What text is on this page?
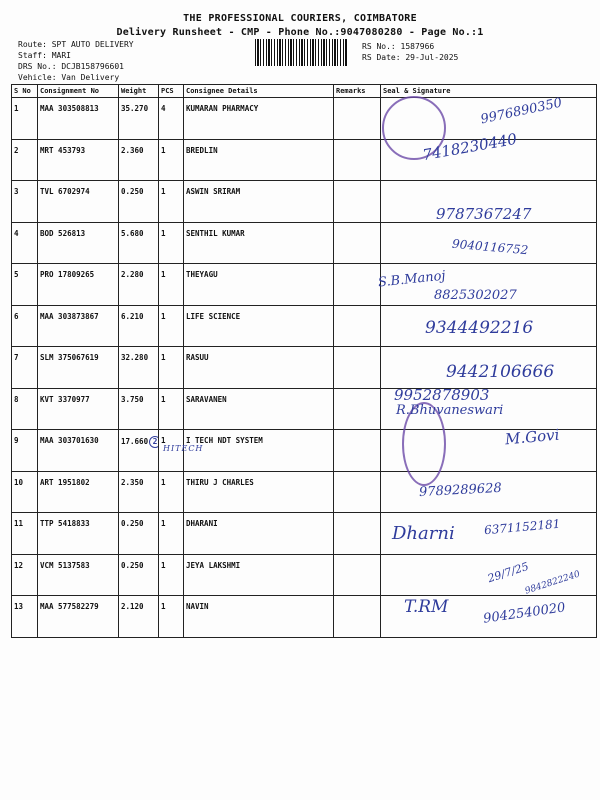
THE PROFESSIONAL COURIERS, COIMBATORE
Delivery Runsheet - CMP - Phone No.:9047080280 - Page No.:1
Route: SPT AUTO DELIVERY
Staff: MARI
DRS No.: DCJB158796601
Vehicle: Van Delivery
RS No.: 1587966
RS Date: 29-Jul-2025
S No	Consignment No	Weight	PCS	Consignee Details	Remarks	Seal & Signature
1	MAA 303508813	35.270	4	KUMARAN PHARMACY		
2	MRT 453793	2.360	1	BREDLIN		
3	TVL 6702974	0.250	1	ASWIN SRIRAM		
4	BOD 526813	5.680	1	SENTHIL KUMAR		
5	PRO 17809265	2.280	1	THEYAGU		
6	MAA 303873867	6.210	1	LIFE SCIENCE		
7	SLM 375067619	32.280	1	RASUU		
8	KVT 3370977	3.750	1	SARAVANEN		
9	MAA 303701630	17.660 2	1	I TECH NDT SYSTEM		
10	ART 1951802	2.350	1	THIRU J CHARLES		
11	TTP 5418833	0.250	1	DHARANI		
12	VCM 5137583	0.250	1	JEYA LAKSHMI		
13	MAA 577582279	2.120	1	NAVIN		
9976890350
7418230440
9787367247
9040116752
S.B.Manoj
8825302027
9344492216
9442106666
9952878903
R.Bhuvaneswari
M.Govi
HITECH
9789289628
Dharni 6371152181
29/7/25
9842822240
T.RM	9042540020
